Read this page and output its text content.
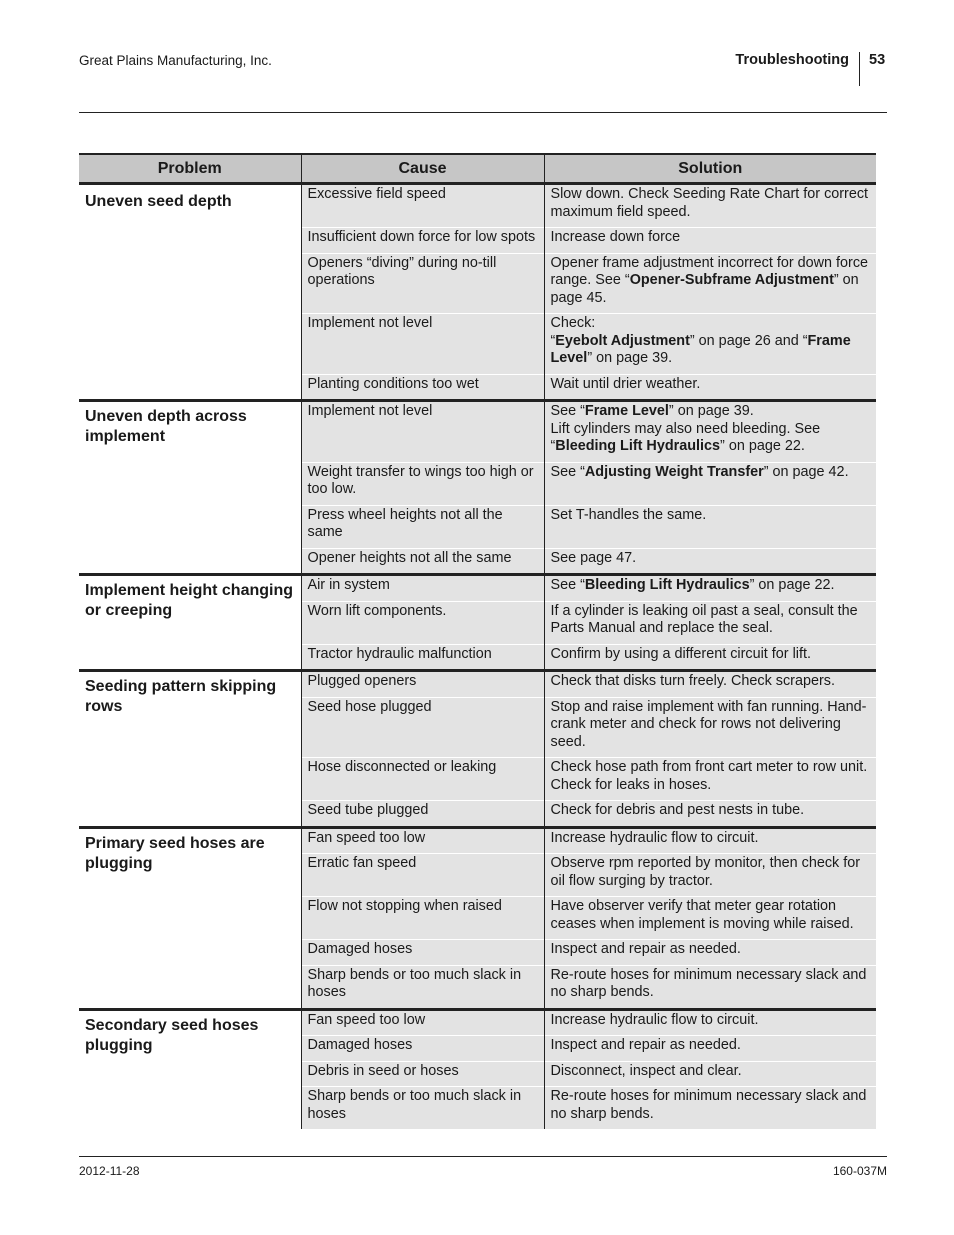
Great Plains Manufacturing, Inc.	Troubleshooting 53
Problem	Cause	Solution
Uneven seed depth	Excessive field speed	Slow down. Check Seeding Rate Chart for correct maximum field speed.
	Insufficient down force for low spots	Increase down force
	Openers “diving” during no-till operations	Opener frame adjustment incorrect for down force range. See “Opener-Subframe Adjustment” on page 45.
	Implement not level	Check:
“Eyebolt Adjustment” on page 26 and “Frame Level” on page 39.
	Planting conditions too wet	Wait until drier weather.
Uneven depth across implement	Implement not level	See “Frame Level” on page 39.
Lift cylinders may also need bleeding. See “Bleeding Lift Hydraulics” on page 22.
	Weight transfer to wings too high or too low.	See “Adjusting Weight Transfer” on page 42.
	Press wheel heights not all the same	Set T-handles the same.
	Opener heights not all the same	See page 47.
Implement height changing or creeping	Air in system	See “Bleeding Lift Hydraulics” on page 22.
	Worn lift components.	If a cylinder is leaking oil past a seal, consult the Parts Manual and replace the seal.
	Tractor hydraulic malfunction	Confirm by using a different circuit for lift.
Seeding pattern skipping rows	Plugged openers	Check that disks turn freely. Check scrapers.
	Seed hose plugged	Stop and raise implement with fan running. Hand-crank meter and check for rows not delivering seed.
	Hose disconnected or leaking	Check hose path from front cart meter to row unit. Check for leaks in hoses.
	Seed tube plugged	Check for debris and pest nests in tube.
Primary seed hoses are plugging	Fan speed too low	Increase hydraulic flow to circuit.
	Erratic fan speed	Observe rpm reported by monitor, then check for oil flow surging by tractor.
	Flow not stopping when raised	Have observer verify that meter gear rotation ceases when implement is moving while raised.
	Damaged hoses	Inspect and repair as needed.
	Sharp bends or too much slack in hoses	Re-route hoses for minimum necessary slack and no sharp bends.
Secondary seed hoses plugging	Fan speed too low	Increase hydraulic flow to circuit.
	Damaged hoses	Inspect and repair as needed.
	Debris in seed or hoses	Disconnect, inspect and clear.
	Sharp bends or too much slack in hoses	Re-route hoses for minimum necessary slack and no sharp bends.
2012-11-28	160-037M
